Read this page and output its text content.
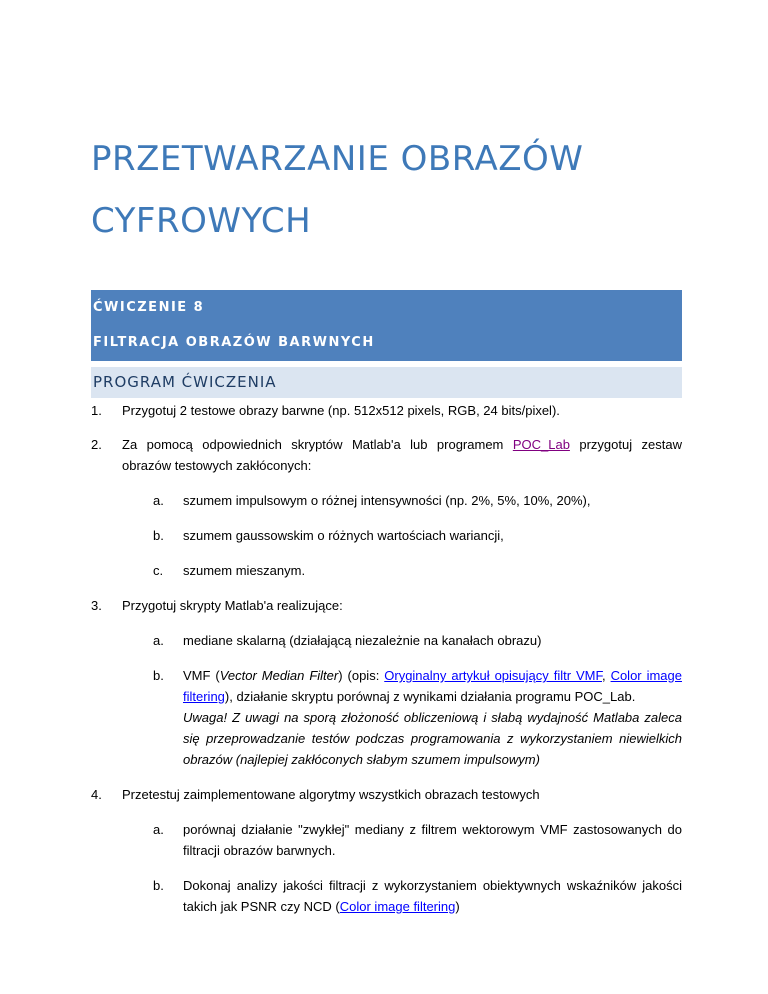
PRZETWARZANIE OBRAZÓW
CYFROWYCH
ĆWICZENIE 8
FILTRACJA OBRAZÓW BARWNYCH
PROGRAM ĆWICZENIA
1. Przygotuj 2 testowe obrazy barwne (np. 512x512 pixels, RGB, 24 bits/pixel).
2. Za pomocą odpowiednich skryptów Matlab'a lub programem POC_Lab przygotuj zestaw obrazów testowych zakłóconych:
a. szumem impulsowym o różnej intensywności (np. 2%, 5%, 10%, 20%),
b. szumem gaussowskim o różnych wartościach wariancji,
c. szumem mieszanym.
3. Przygotuj skrypty Matlab'a realizujące:
a. mediane skalarną (działającą niezależnie na kanałach obrazu)
b. VMF (Vector Median Filter) (opis: Oryginalny artykuł opisujący filtr VMF, Color image filtering), działanie skryptu porównaj z wynikami działania programu POC_Lab.
Uwaga! Z uwagi na sporą złożoność obliczeniową i słabą wydajność Matlaba zaleca się przeprowadzanie testów podczas programowania z wykorzystaniem niewielkich obrazów (najlepiej zakłóconych słabym szumem impulsowym)
4. Przetestuj zaimplementowane algorytmy wszystkich obrazach testowych
a. porównaj działanie "zwykłej" mediany z filtrem wektorowym VMF zastosowanych do filtracji obrazów barwnych.
b. Dokonaj analizy jakości filtracji z wykorzystaniem obiektywnych wskaźników jakości takich jak PSNR czy NCD (Color image filtering)
